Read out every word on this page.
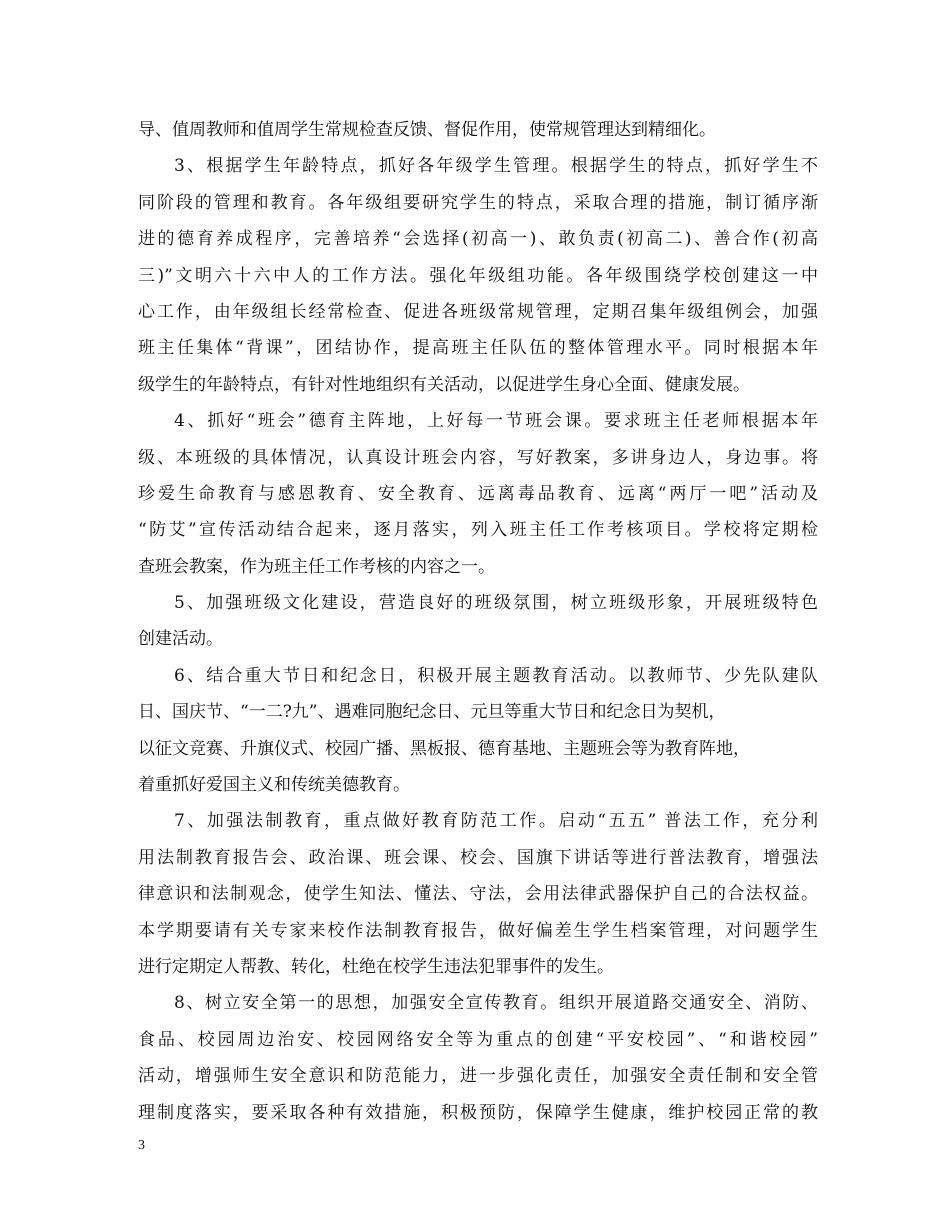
导、值周教师和值周学生常规检查反馈、督促作用，使常规管理达到精细化。
3、根据学生年龄特点，抓好各年级学生管理。根据学生的特点，抓好学生不
同阶段的管理和教育。各年级组要研究学生的特点，采取合理的措施，制订循序渐
进的德育养成程序，完善培养“会选择(初高一)、敢负责(初高二)、善合作(初高
三)”文明六十六中人的工作方法。强化年级组功能。各年级围绕学校创建这一中
心工作，由年级组长经常检查、促进各班级常规管理，定期召集年级组例会，加强
班主任集体“背课”，团结协作，提高班主任队伍的整体管理水平。同时根据本年
级学生的年龄特点，有针对性地组织有关活动，以促进学生身心全面、健康发展。
4、抓好“班会”德育主阵地，上好每一节班会课。要求班主任老师根据本年
级、本班级的具体情况，认真设计班会内容，写好教案，多讲身边人，身边事。将
珍爱生命教育与感恩教育、安全教育、远离毒品教育、远离“两厅一吧”活动及
“防艾”宣传活动结合起来，逐月落实，列入班主任工作考核项目。学校将定期检
查班会教案，作为班主任工作考核的内容之一。
5、加强班级文化建设，营造良好的班级氛围，树立班级形象，开展班级特色
创建活动。
6、结合重大节日和纪念日，积极开展主题教育活动。以教师节、少先队建队
日、国庆节、“一二?九”、遇难同胞纪念日、元旦等重大节日和纪念日为契机，
以征文竞赛、升旗仪式、校园广播、黑板报、德育基地、主题班会等为教育阵地，
着重抓好爱国主义和传统美德教育。
7、加强法制教育，重点做好教育防范工作。启动“五五” 普法工作，充分利
用法制教育报告会、政治课、班会课、校会、国旗下讲话等进行普法教育，增强法
律意识和法制观念，使学生知法、懂法、守法，会用法律武器保护自己的合法权益。
本学期要请有关专家来校作法制教育报告，做好偏差生学生档案管理，对问题学生
进行定期定人帮教、转化，杜绝在校学生违法犯罪事件的发生。
8、树立安全第一的思想，加强安全宣传教育。组织开展道路交通安全、消防、
食品、校园周边治安、校园网络安全等为重点的创建“平安校园”、“和谐校园”
活动，增强师生安全意识和防范能力，进一步强化责任，加强安全责任制和安全管
理制度落实，要采取各种有效措施，积极预防，保障学生健康，维护校园正常的教
3
